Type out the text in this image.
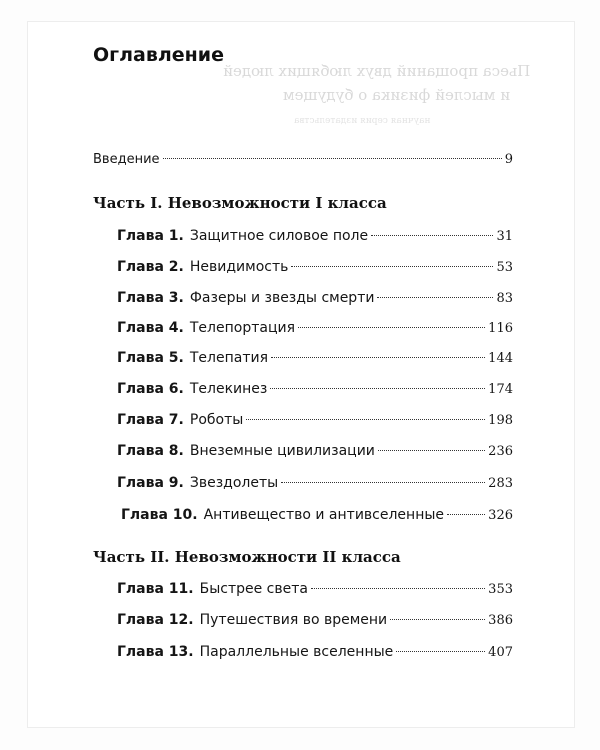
Пьеса прощаний двух любящих людей
и мыслей физика о будущем
научная серия издательства
Оглавление
Введение	9
Часть I. Невозможности I класса
Глава 1. Защитное силовое поле	31
Глава 2. Невидимость	53
Глава 3. Фазеры и звезды смерти	83
Глава 4. Телепортация	116
Глава 5. Телепатия	144
Глава 6. Телекинез	174
Глава 7. Роботы	198
Глава 8. Внеземные цивилизации	236
Глава 9. Звездолеты	283
Глава 10. Антивещество и антивселенные	326
Часть II. Невозможности II класса
Глава 11. Быстрее света	353
Глава 12. Путешествия во времени	386
Глава 13. Параллельные вселенные	407
